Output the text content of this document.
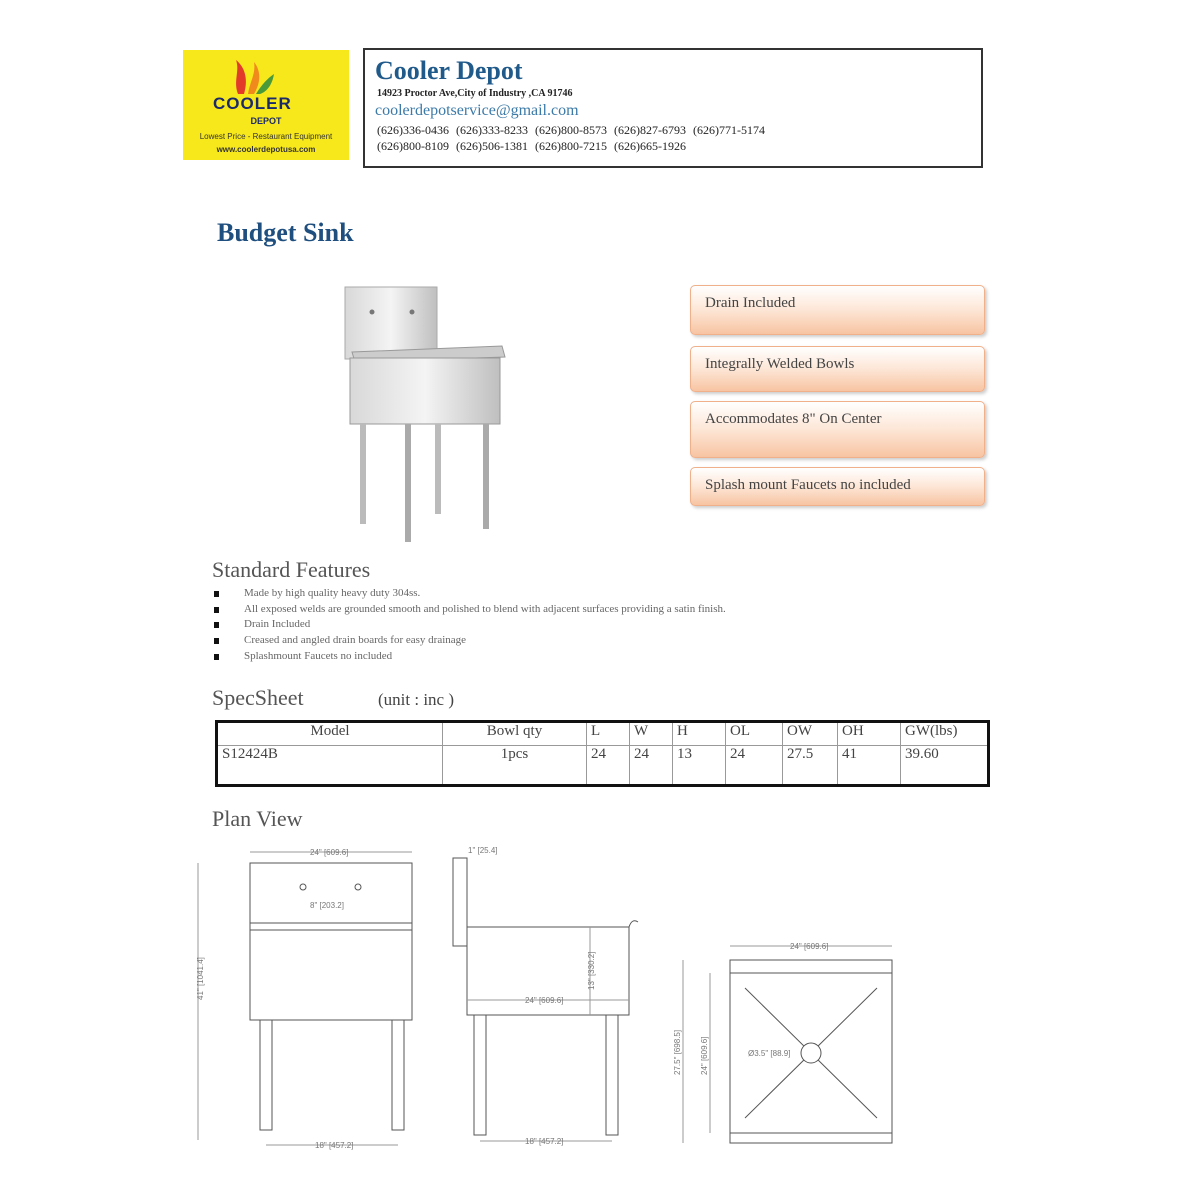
COOLER
DEPOT
Lowest Price - Restaurant Equipment
www.coolerdepotusa.com
Cooler Depot
14923 Proctor Ave,City of Industry ,CA 91746
coolerdepotservice@gmail.com
(626)336-0436 (626)333-8233 (626)800-8573 (626)827-6793 (626)771-5174
(626)800-8109 (626)506-1381 (626)800-7215 (626)665-1926
Budget Sink
Drain Included
Integrally Welded Bowls
Accommodates 8" On Center
Splash mount Faucets no included
Standard Features
Made by high quality heavy duty 304ss.
All exposed welds are grounded smooth and polished to blend with adjacent surfaces providing a satin finish.
Drain Included
Creased and angled drain boards for easy drainage
Splashmount Faucets no included
SpecSheet	(unit : inc )
Model	Bowl qty	L	W	H	OL	OW	OH	GW(lbs)
S12424B	1pcs	24	24	13	24	27.5	41	39.60
Plan View
24" [609.6]
8" [203.2]
41" [1041.4]
18" [457.2]
1" [25.4]
13" [330.2]
24" [609.6]
18" [457.2]
24" [609.6]
Ø3.5" [88.9]
27.5" [698.5] 24" [609.6]
